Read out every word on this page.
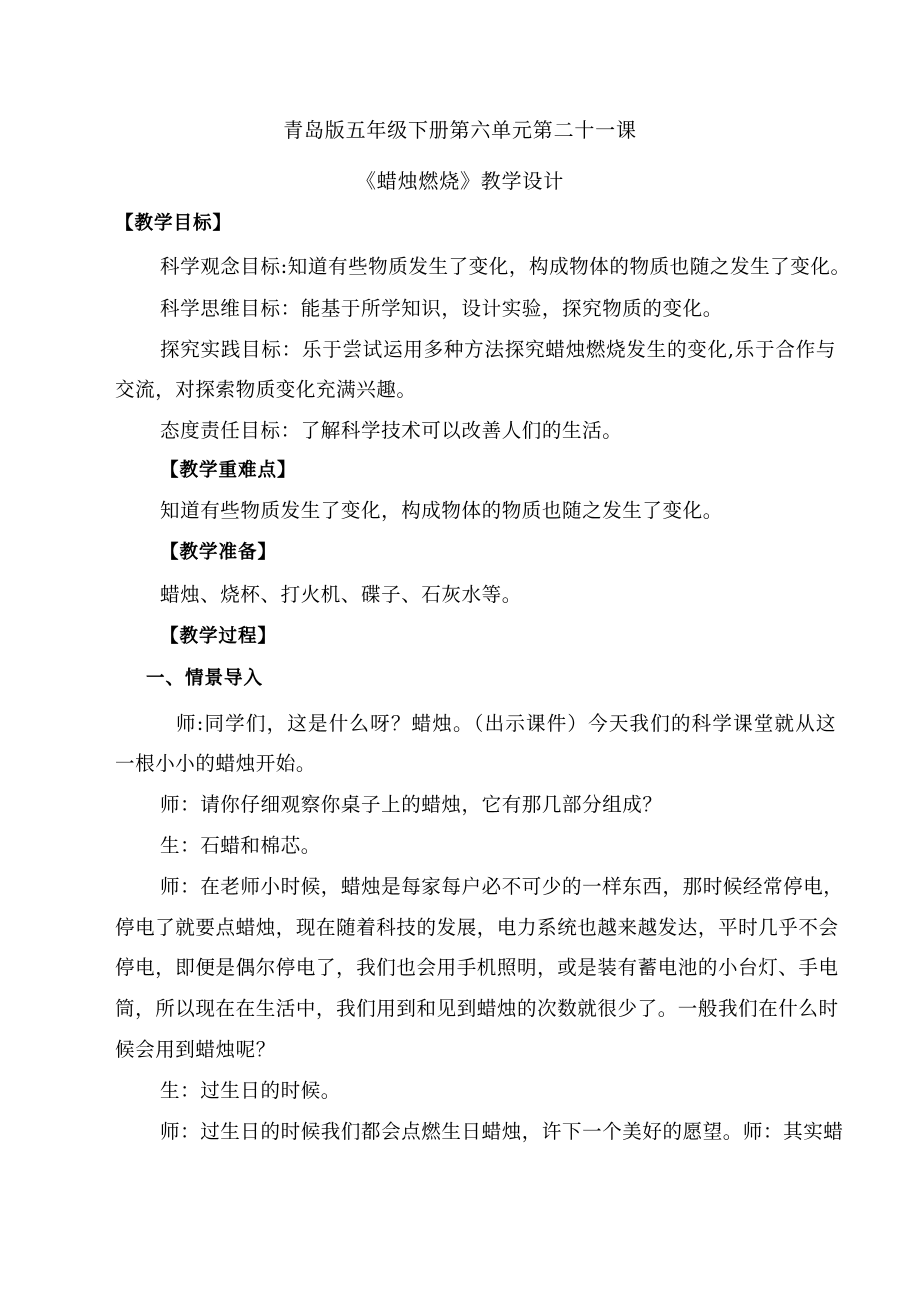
青岛版五年级下册第六单元第二十一课
《蜡烛燃烧》教学设计
【教学目标】
科学观念目标:知道有些物质发生了变化，构成物体的物质也随之发生了变化。
科学思维目标：能基于所学知识，设计实验，探究物质的变化。
探究实践目标：乐于尝试运用多种方法探究蜡烛燃烧发生的变化,乐于合作与
交流，对探索物质变化充满兴趣。
态度责任目标：了解科学技术可以改善人们的生活。
【教学重难点】
知道有些物质发生了变化，构成物体的物质也随之发生了变化。
【教学准备】
蜡烛、烧杯、打火机、碟子、石灰水等。
【教学过程】
一、情景导入
师:同学们，这是什么呀？蜡烛。（出示课件）今天我们的科学课堂就从这
一根小小的蜡烛开始。
师：请你仔细观察你桌子上的蜡烛，它有那几部分组成？
生：石蜡和棉芯。
师：在老师小时候，蜡烛是每家每户必不可少的一样东西，那时候经常停电，
停电了就要点蜡烛，现在随着科技的发展，电力系统也越来越发达，平时几乎不会
停电，即便是偶尔停电了，我们也会用手机照明，或是装有蓄电池的小台灯、手电
筒，所以现在在生活中，我们用到和见到蜡烛的次数就很少了。一般我们在什么时
候会用到蜡烛呢？
生：过生日的时候。
师：过生日的时候我们都会点燃生日蜡烛，许下一个美好的愿望。师：其实蜡
